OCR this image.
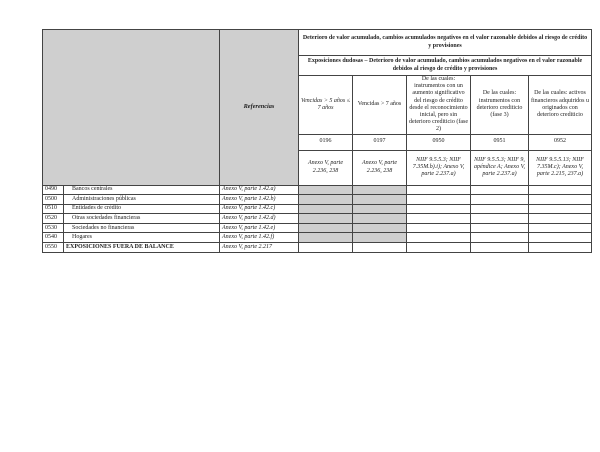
		Referencias	Deterioro de valor acumulado, cambios acumulados negativos en el valor razonable debidos al riesgo de crédito y provisiones				
			Exposiciones dudosas – Deterioro de valor acumulado, cambios acumulados negativos en el valor razonable debidos al riesgo de crédito y provisiones				
			Vencidas > 5 años ≤ 7 años	Vencidas > 7 años	De las cuales: instrumentos con un aumento significativo del riesgo de crédito desde el reconocimiento inicial, pero sin deterioro crediticio (fase 2)	De las cuales: instrumentos con deterioro crediticio (fase 3)	De las cuales: activos financieros adquiridos u originados con deterioro crediticio
			0196	0197	0950	0951	0952
			Anexo V, parte 2.236, 238	Anexo V, parte 2.236, 238	NIIF 9.5.5.3; NIIF 7.35M.b).i); Anexo V, parte 2.237.a)	NIIF 9.5.5.3; NIIF 9, apéndice A; Anexo V, parte 2.237.a)	NIIF 9.5.5.13; NIIF 7.35M.c); Anexo V, parte 2.215, 237.a)
0490	Bancos centrales	Anexo V, parte 1.42.a)					
0500	Administraciones públicas	Anexo V, parte 1.42.b)					
0510	Entidades de crédito	Anexo V, parte 1.42.c)					
0520	Otras sociedades financieras	Anexo V, parte 1.42.d)					
0530	Sociedades no financieras	Anexo V, parte 1.42.e)					
0540	Hogares	Anexo V, parte 1.42.f)					
0550	EXPOSICIONES FUERA DE BALANCE	Anexo V, parte 2.217					
